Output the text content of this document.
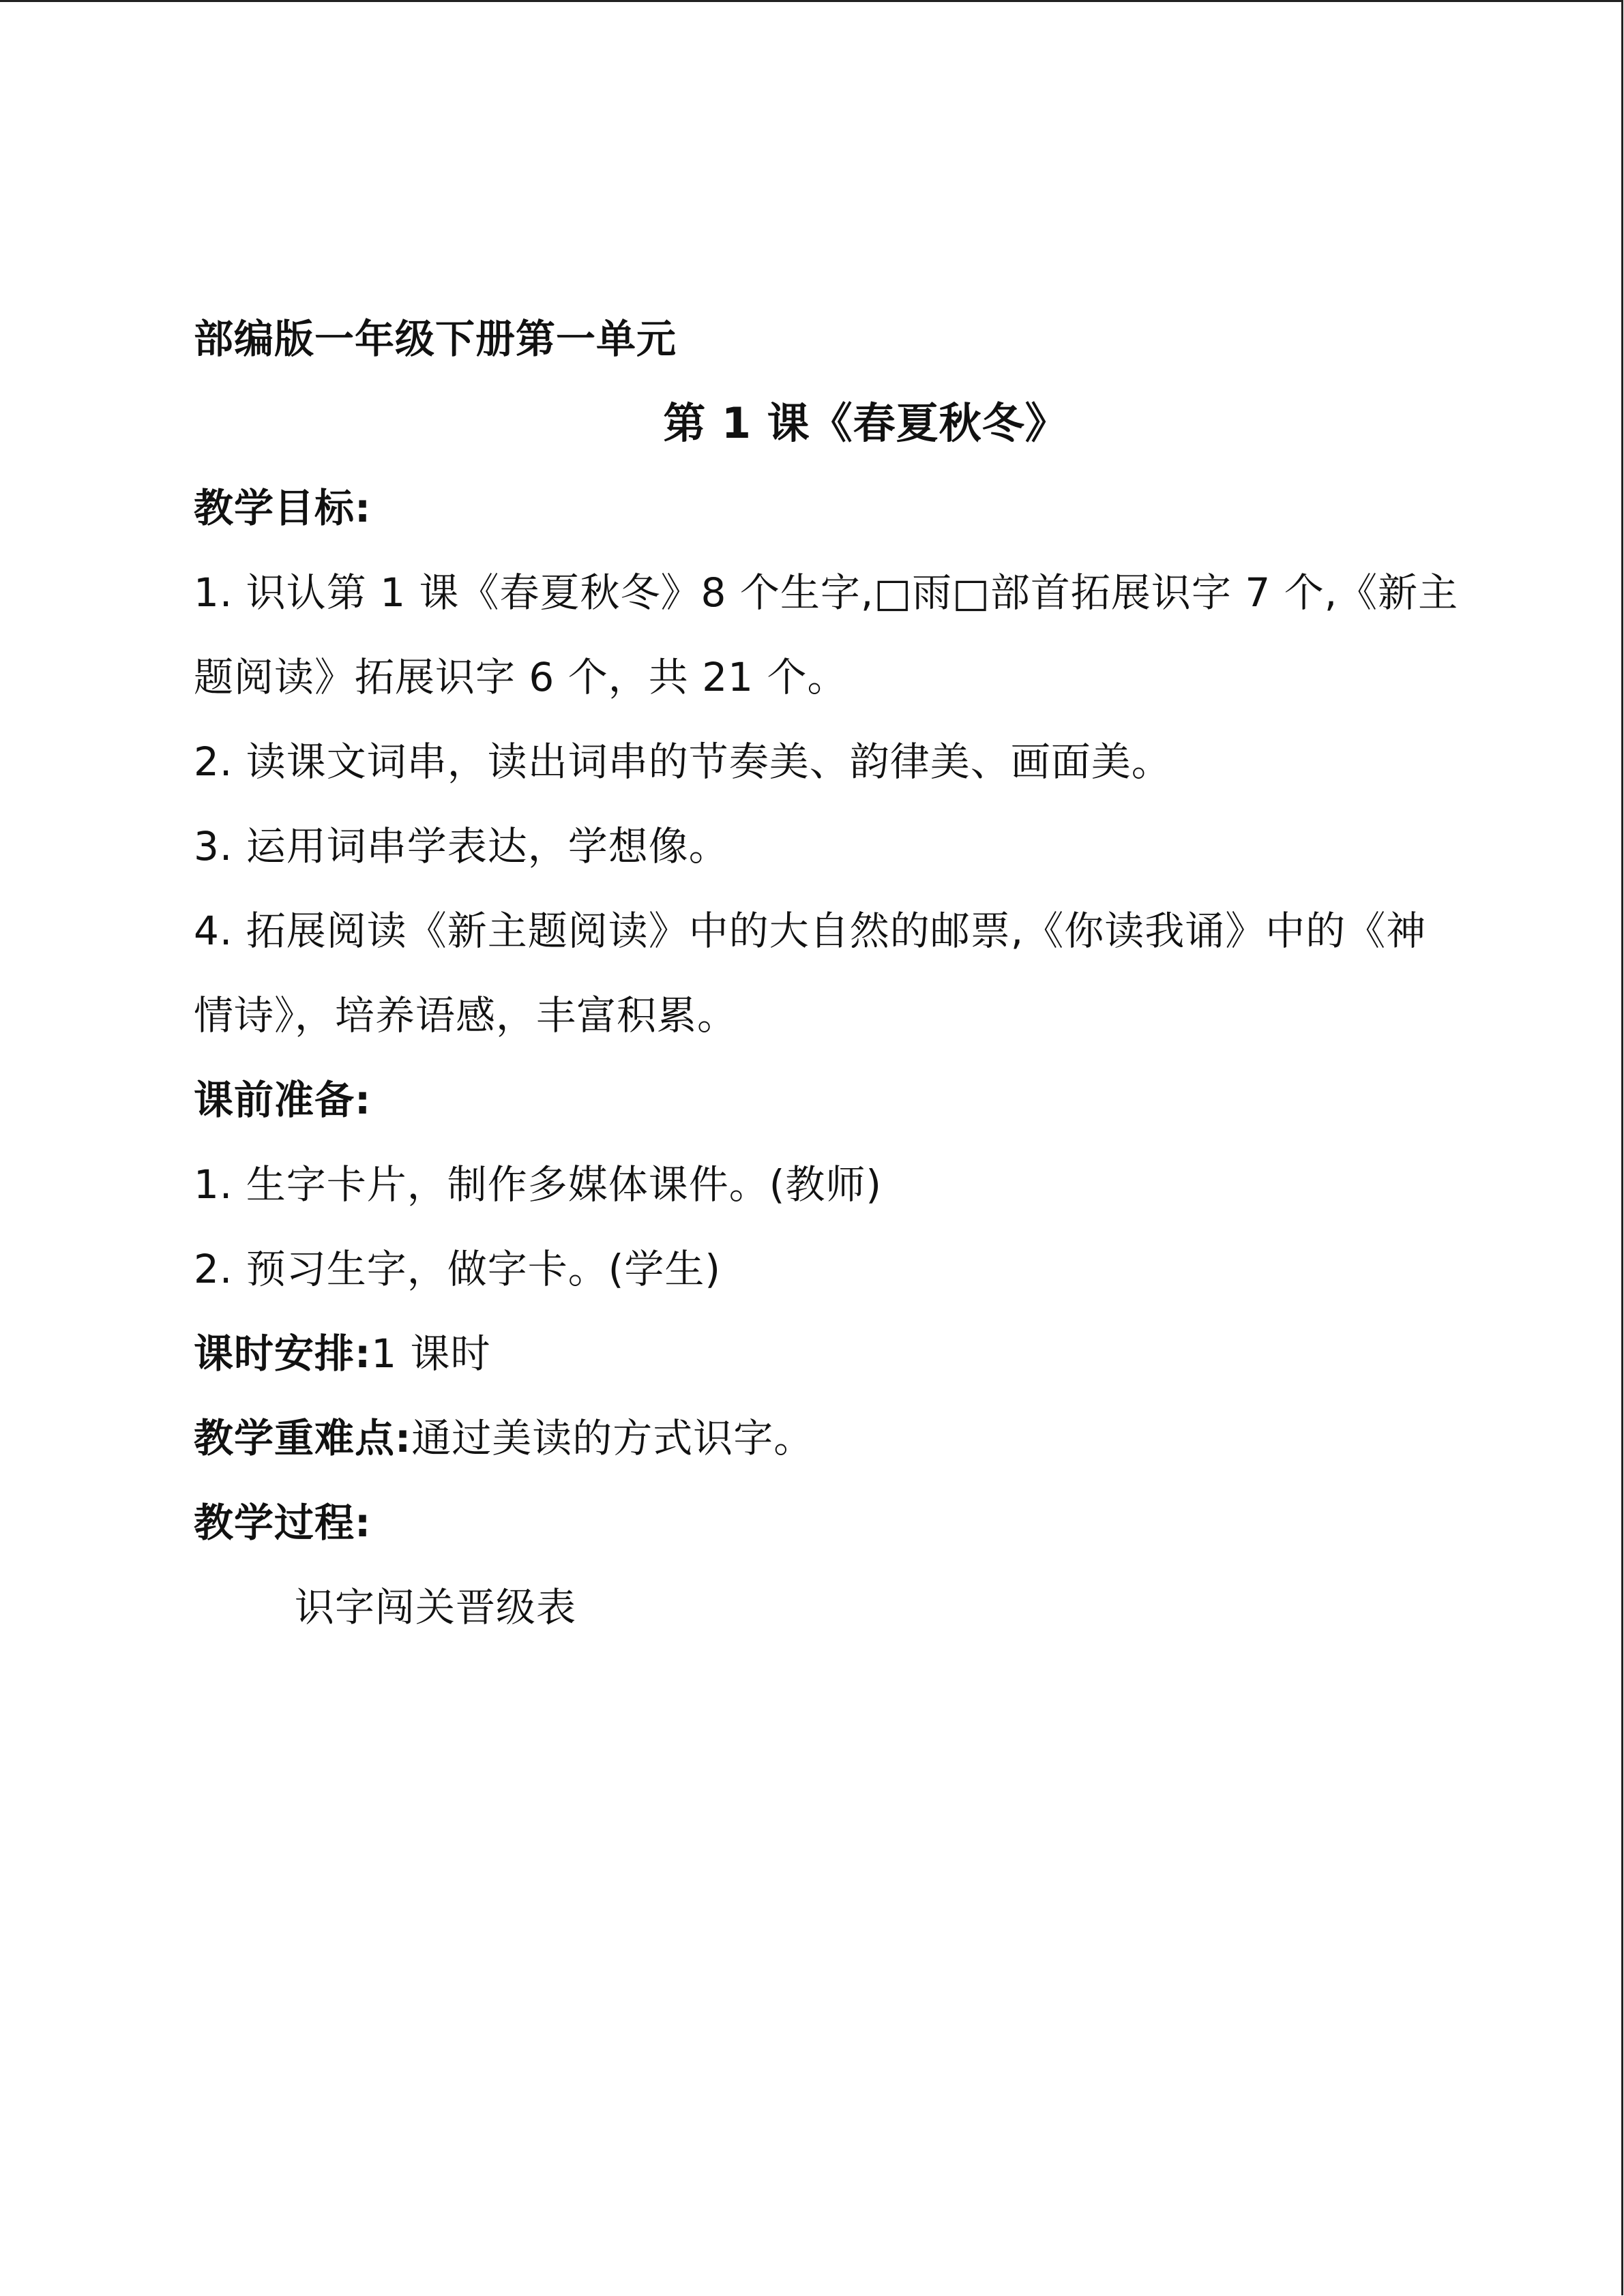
部编版一年级下册第一单元
第 1 课《春夏秋冬》
教学目标:
1. 识认第 1 课《春夏秋冬》8 个生字,□雨□部首拓展识字 7 个,《新主
题阅读》拓展识字 6 个，共 21 个。
2. 读课文词串，读出词串的节奏美、韵律美、画面美。
3. 运用词串学表达，学想像。
4. 拓展阅读《新主题阅读》中的大自然的邮票,《你读我诵》中的《神
情诗》，培养语感，丰富积累。
课前准备:
1. 生字卡片，制作多媒体课件。(教师)
2. 预习生字，做字卡。(学生)
课时安排:1 课时
教学重难点:通过美读的方式识字。
教学过程:
识字闯关晋级表
